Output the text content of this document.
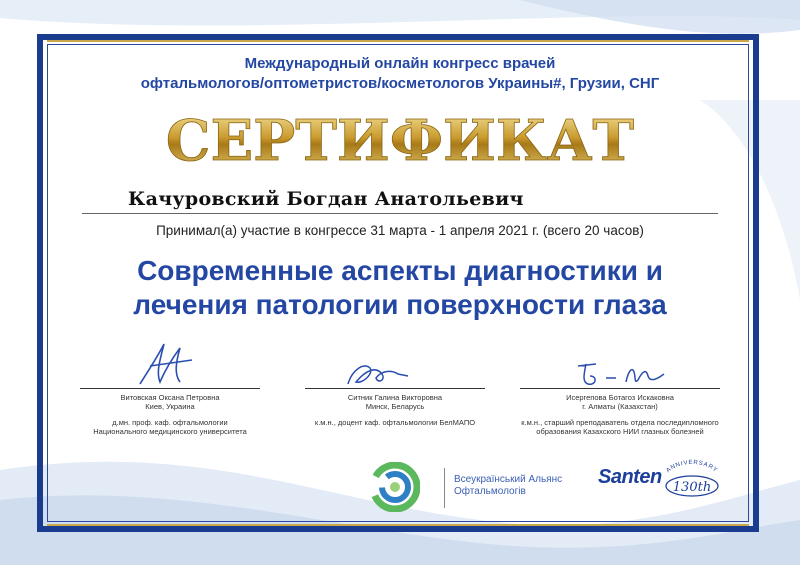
Международный онлайн конгресс врачей
офтальмологов/оптометристов/косметологов Украины#, Грузии, СНГ
СЕРТИФИКАТ
Качуровский Богдан Анатольевич
Принимал(а) участие в конгрессе 31 марта - 1 апреля 2021 г. (всего 20 часов)
Современные аспекты диагностики и
лечения патологии поверхности глаза
Витовская Оксана Петровна
Киев, Украина
д.мн. проф. каф. офтальмологии
Национального медицинского университета
Ситник Галина Викторовна
Минск, Беларусь
к.м.н., доцент каф. офтальмологии БелМАПО
Исергепова Ботагоз Искаковна
г. Алматы (Казахстан)
к.м.н., старший преподаватель отдела последипломного
образования Казахского НИИ глазных болезней
Всеукраїнський Альянс
Офтальмологів
Santen ANNIVERSARY
130th
